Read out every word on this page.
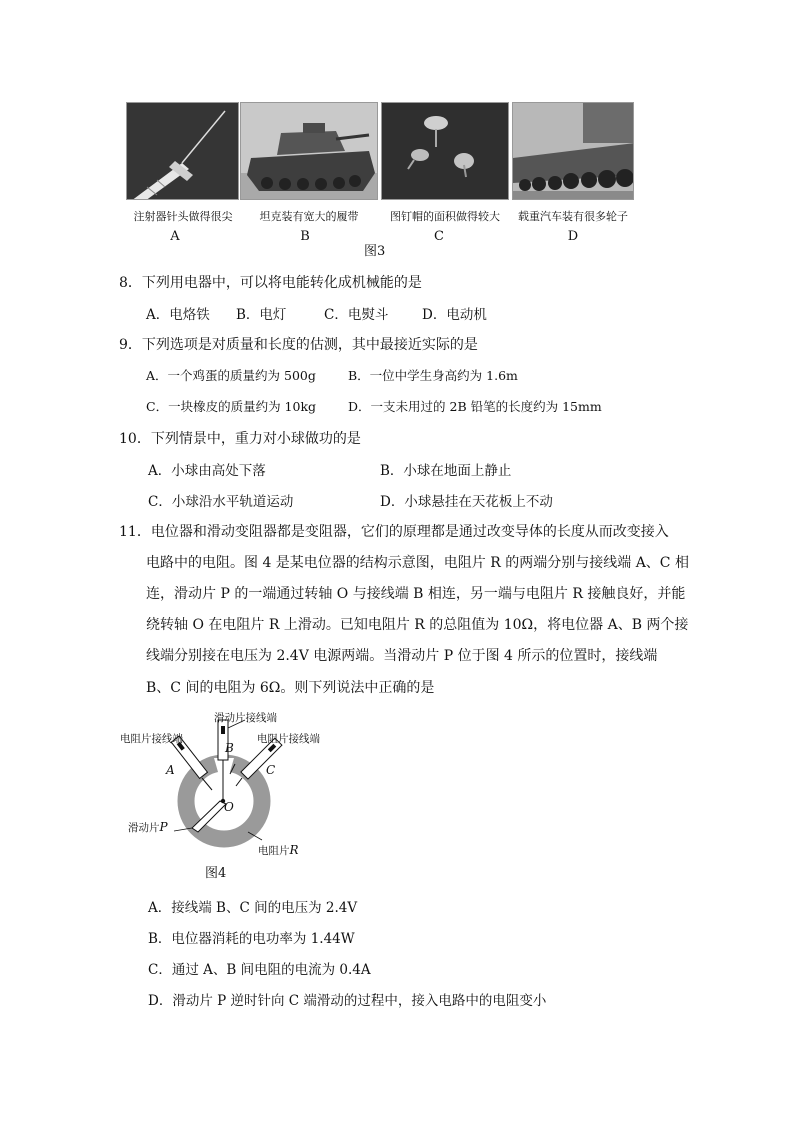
注射器针头做得很尖	坦克装有宽大的履带	图钉帽的面积做得较大	载重汽车装有很多轮子
A	B	C	D
图3
8．下列用电器中，可以将电能转化成机械能的是
A．电烙铁 B．电灯	C．电熨斗 D．电动机
9．下列选项是对质量和长度的估测，其中最接近实际的是
A．一个鸡蛋的质量约为 500g	B．一位中学生身高约为 1.6m
C．一块橡皮的质量约为 10kg	D．一支未用过的 2B 铅笔的长度约为 15mm
10．下列情景中，重力对小球做功的是
A．小球由高处下落	B．小球在地面上静止
C．小球沿水平轨道运动	D．小球悬挂在天花板上不动
11．电位器和滑动变阻器都是变阻器，它们的原理都是通过改变导体的长度从而改变接入
电路中的电阻。图 4 是某电位器的结构示意图，电阻片 R 的两端分别与接线端 A、C 相
连，滑动片 P 的一端通过转轴 O 与接线端 B 相连，另一端与电阻片 R 接触良好，并能
绕转轴 O 在电阻片 R 上滑动。已知电阻片 R 的总阻值为 10Ω，将电位器 A、B 两个接
线端分别接在电压为 2.4V 电源两端。当滑动片 P 位于图 4 所示的位置时，接线端
B、C 间的电阻为 6Ω。则下列说法中正确的是
滑动片接线端
B
电阻片接线端	电阻片接线端
A	C
O
滑动片P
电阻片R
图4
A．接线端 B、C 间的电压为 2.4V
B．电位器消耗的电功率为 1.44W
C．通过 A、B 间电阻的电流为 0.4A
D．滑动片 P 逆时针向 C 端滑动的过程中，接入电路中的电阻变小
